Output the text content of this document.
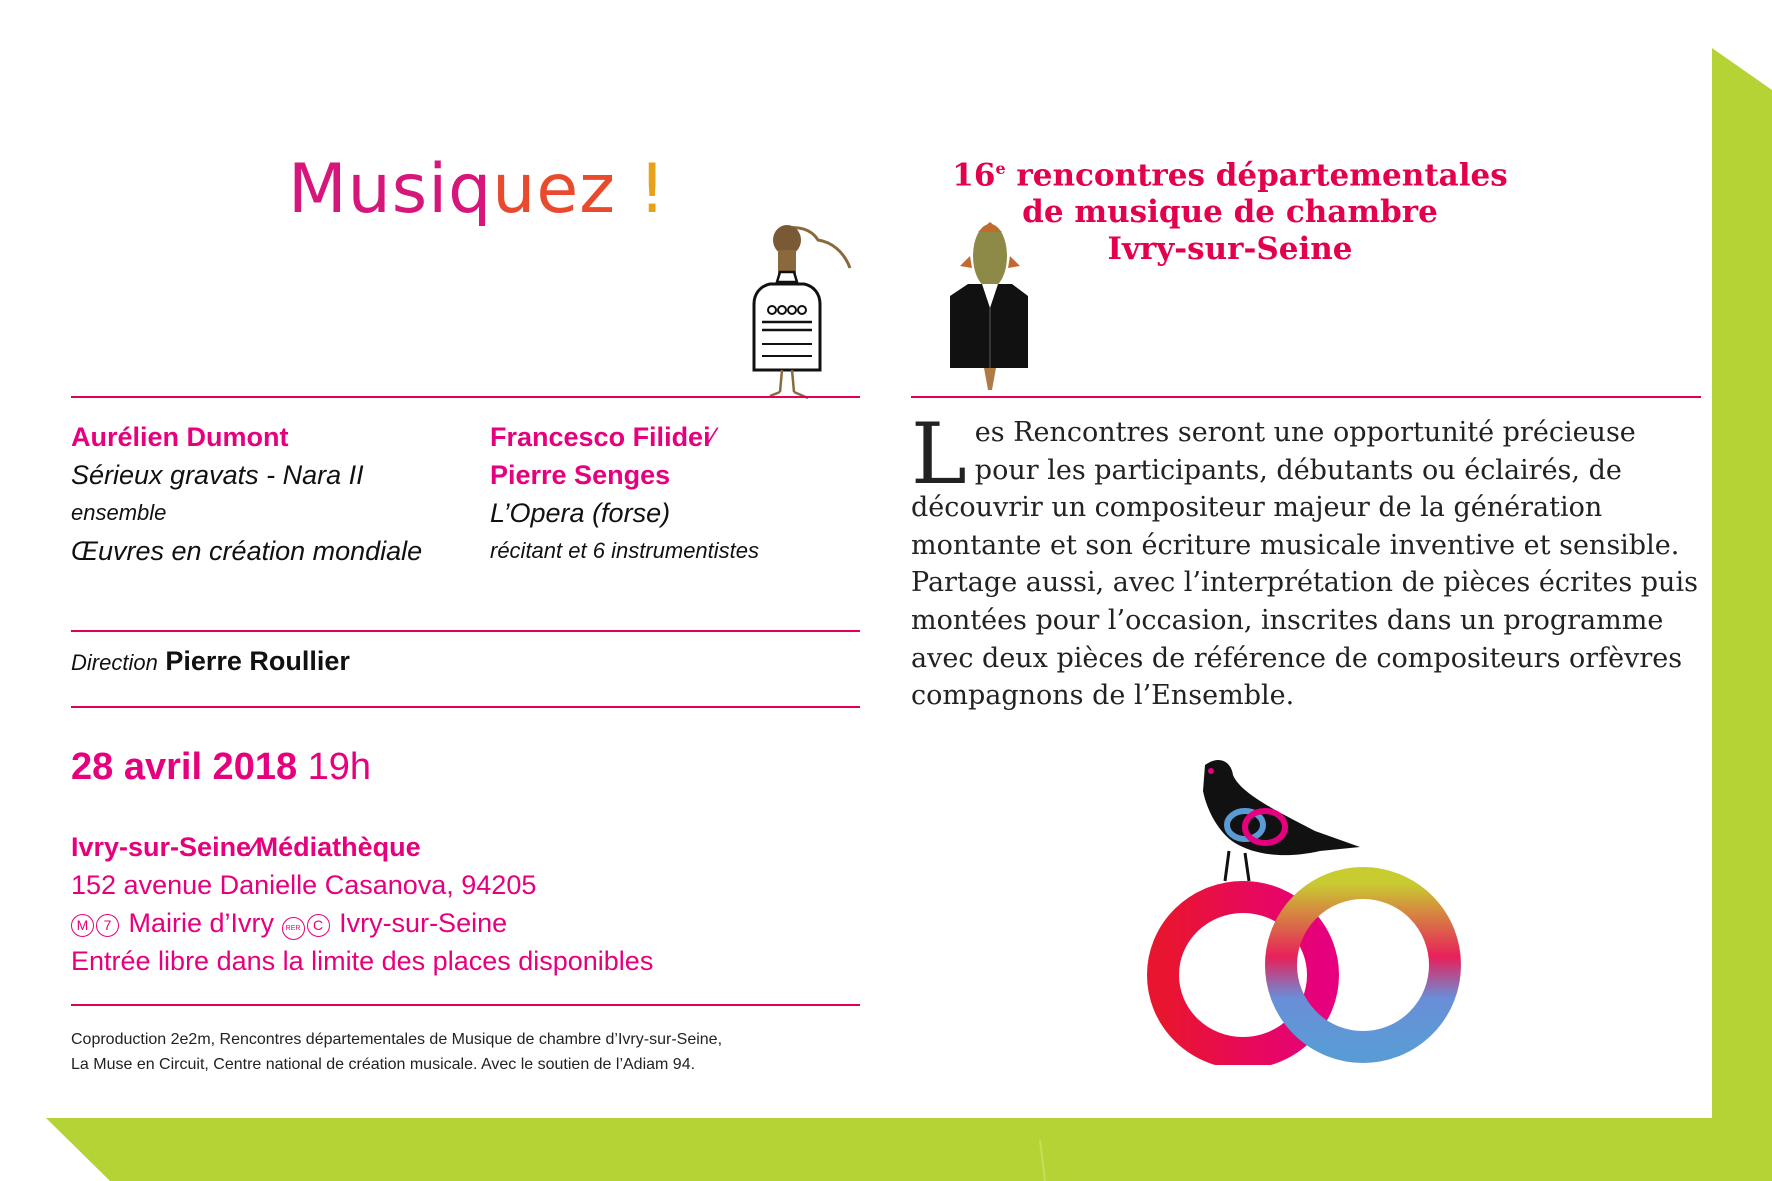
Musiquez !	16e rencontres départementales
de musique de chambre
Ivry-sur-Seine
Aurélien Dumont
Sérieux gravats - Nara II
ensemble
Œuvres en création mondiale
Francesco Filidei⁄
Pierre Senges
L’Opera (forse)
récitant et 6 instrumentistes
Direction Pierre Roullier
28 avril 2018 19h
Ivry-sur-Seine⁄Médiathèque
152 avenue Danielle Casanova, 94205
M 7 Mairie d’Ivry RER C Ivry-sur-Seine
Entrée libre dans la limite des places disponibles
Coproduction 2e2m, Rencontres départementales de Musique de chambre d’Ivry-sur-Seine,
La Muse en Circuit, Centre national de création musicale. Avec le soutien de l’Adiam 94.
Les Rencontres seront une opportunité précieuse pour les participants, débutants ou éclairés, de découvrir un compositeur majeur de la génération montante et son écriture musicale inventive et sensible. Partage aussi, avec l’interprétation de pièces écrites puis montées pour l’occasion, inscrites dans un programme avec deux pièces de référence de compositeurs orfèvres compagnons de l’Ensemble.
